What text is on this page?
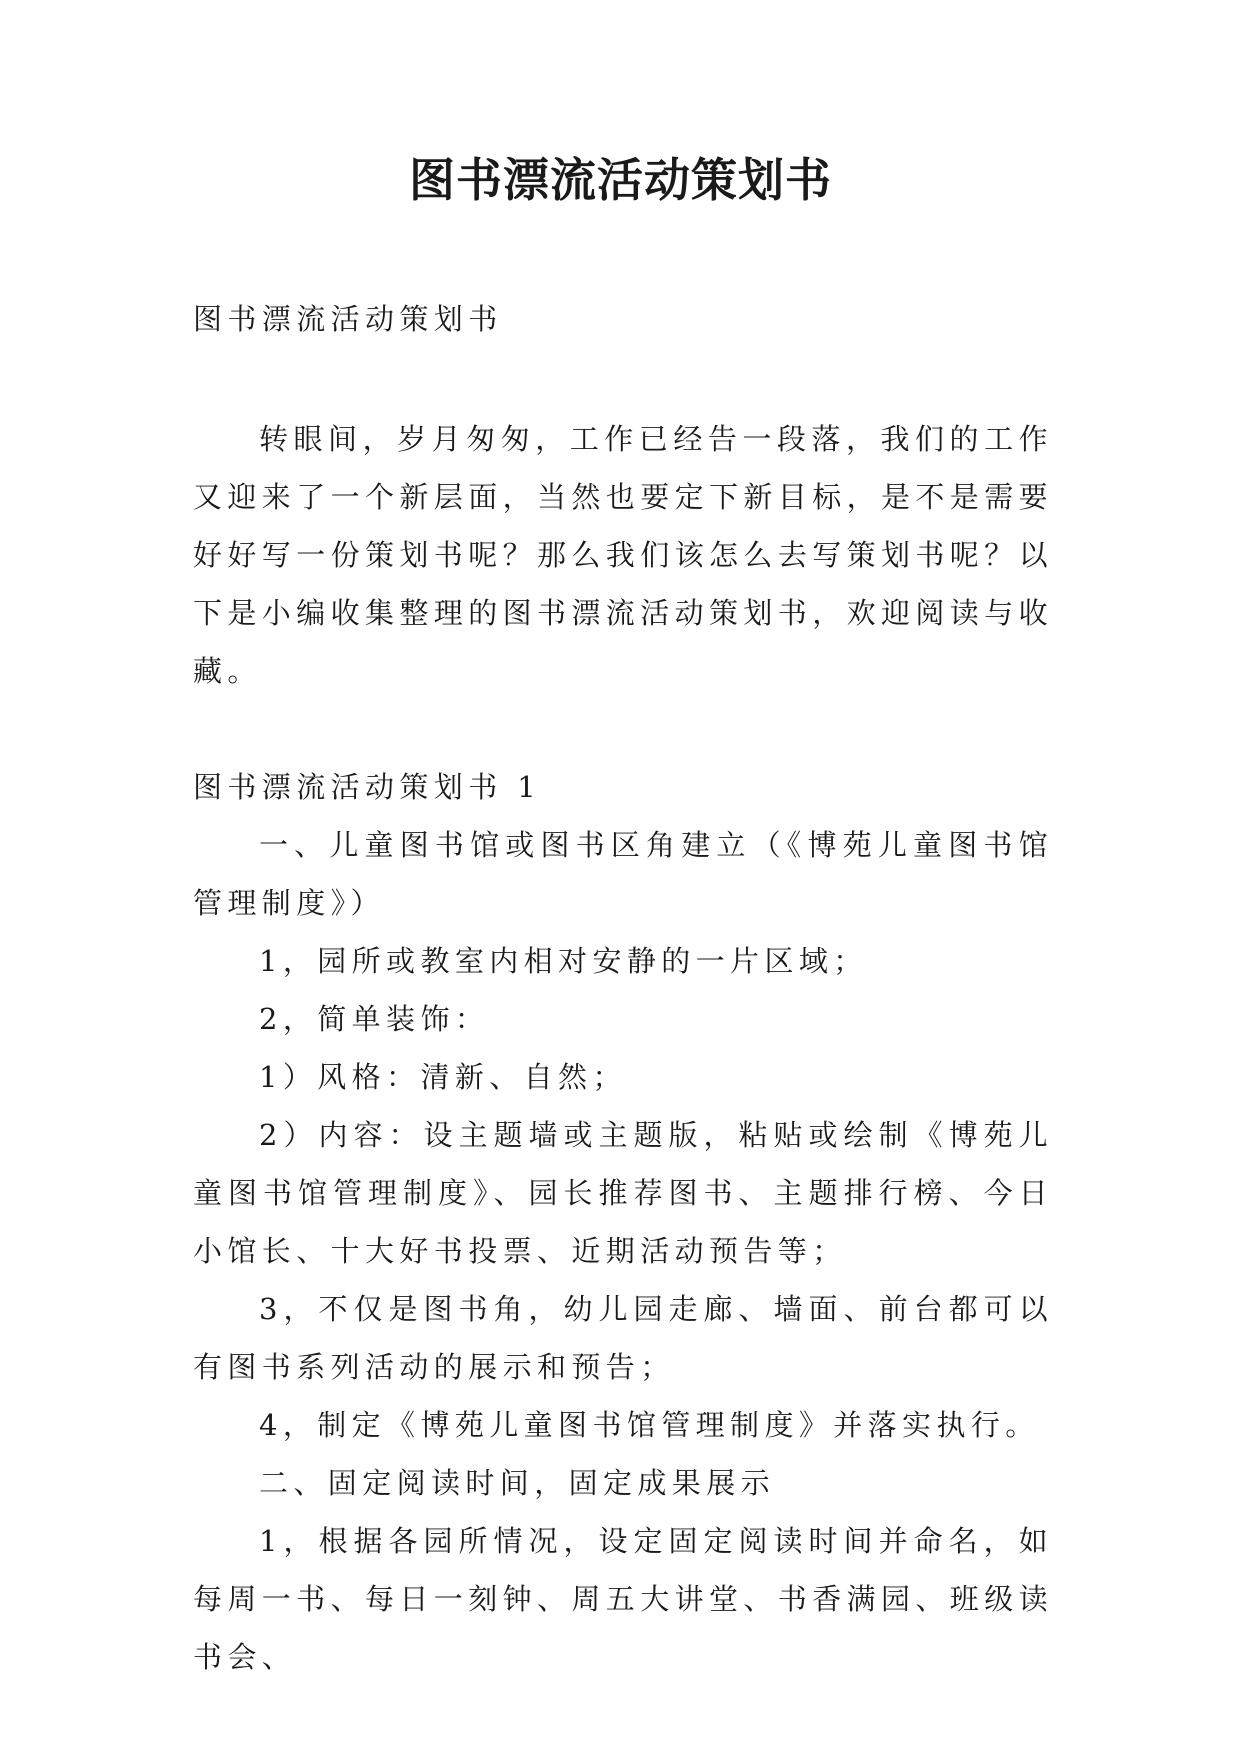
图书漂流活动策划书

图书漂流活动策划书

转眼间，岁月匆匆，工作已经告一段落，我们的工作又迎来了一个新层面，当然也要定下新目标，是不是需要好好写一份策划书呢？那么我们该怎么去写策划书呢？以下是小编收集整理的图书漂流活动策划书，欢迎阅读与收藏。

图书漂流活动策划书 1

一、儿童图书馆或图书区角建立（《博苑儿童图书馆管理制度》）

1，园所或教室内相对安静的一片区域；

2，简单装饰：

1）风格：清新、自然；

2）内容：设主题墙或主题版，粘贴或绘制《博苑儿童图书馆管理制度》、园长推荐图书、主题排行榜、今日小馆长、十大好书投票、近期活动预告等；

3，不仅是图书角，幼儿园走廊、墙面、前台都可以有图书系列活动的展示和预告；

4，制定《博苑儿童图书馆管理制度》并落实执行。

二、固定阅读时间，固定成果展示

1，根据各园所情况，设定固定阅读时间并命名，如每周一书、每日一刻钟、周五大讲堂、书香满园、班级读书会、
